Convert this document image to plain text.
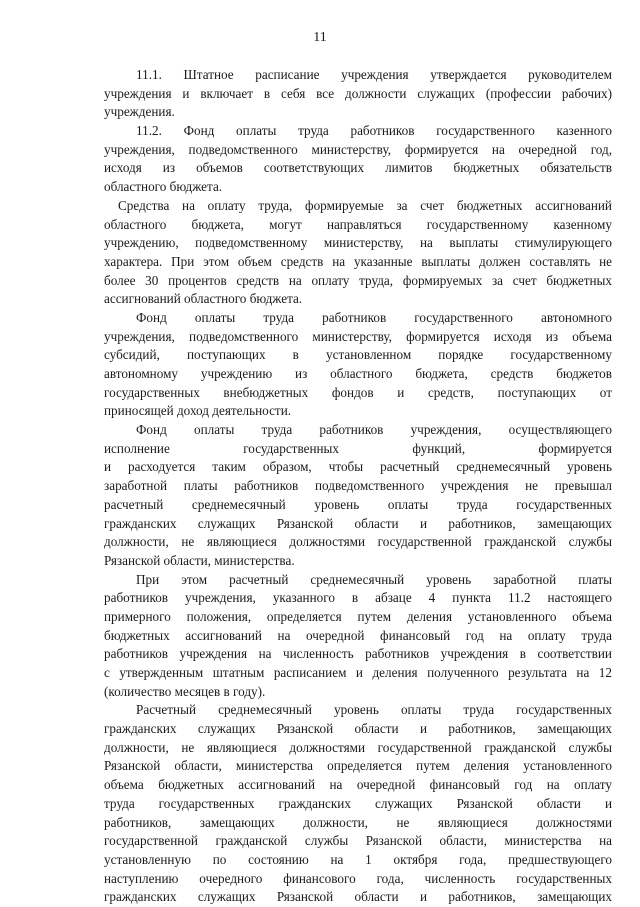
11
11.1. Штатное расписание учреждения утверждается руководителем
учреждения и включает в себя все должности служащих (профессии рабочих)
учреждения.
11.2. Фонд оплаты труда работников государственного казенного
учреждения, подведомственного министерству, формируется на очередной год,
исходя из объемов соответствующих лимитов бюджетных обязательств
областного бюджета.
Средства на оплату труда, формируемые за счет бюджетных ассигнований
областного бюджета, могут направляться государственному казенному
учреждению, подведомственному министерству, на выплаты стимулирующего
характера. При этом объем средств на указанные выплаты должен составлять не
более 30 процентов средств на оплату труда, формируемых за счет бюджетных
ассигнований областного бюджета.
Фонд оплаты труда работников государственного автономного
учреждения, подведомственного министерству, формируется исходя из объема
субсидий, поступающих в установленном порядке государственному
автономному учреждению из областного бюджета, средств бюджетов
государственных внебюджетных фондов и средств, поступающих от
приносящей доход деятельности.
Фонд оплаты труда работников учреждения, осуществляющего
исполнение государственных функций, формируется
и расходуется таким образом, чтобы расчетный среднемесячный уровень
заработной платы работников подведомственного учреждения не превышал
расчетный среднемесячный уровень оплаты труда государственных
гражданских служащих Рязанской области и работников, замещающих
должности, не являющиеся должностями государственной гражданской службы
Рязанской области, министерства.
При этом расчетный среднемесячный уровень заработной платы
работников учреждения, указанного в абзаце 4 пункта 11.2 настоящего
примерного положения, определяется путем деления установленного объема
бюджетных ассигнований на очередной финансовый год на оплату труда
работников учреждения на численность работников учреждения в соответствии
с утвержденным штатным расписанием и деления полученного результата на 12
(количество месяцев в году).
Расчетный среднемесячный уровень оплаты труда государственных
гражданских служащих Рязанской области и работников, замещающих
должности, не являющиеся должностями государственной гражданской службы
Рязанской области, министерства определяется путем деления установленного
объема бюджетных ассигнований на очередной финансовый год на оплату
труда государственных гражданских служащих Рязанской области и
работников, замещающих должности, не являющиеся должностями
государственной гражданской службы Рязанской области, министерства на
установленную по состоянию на 1 октября года, предшествующего
наступлению очередного финансового года, численность государственных
гражданских служащих Рязанской области и работников, замещающих
